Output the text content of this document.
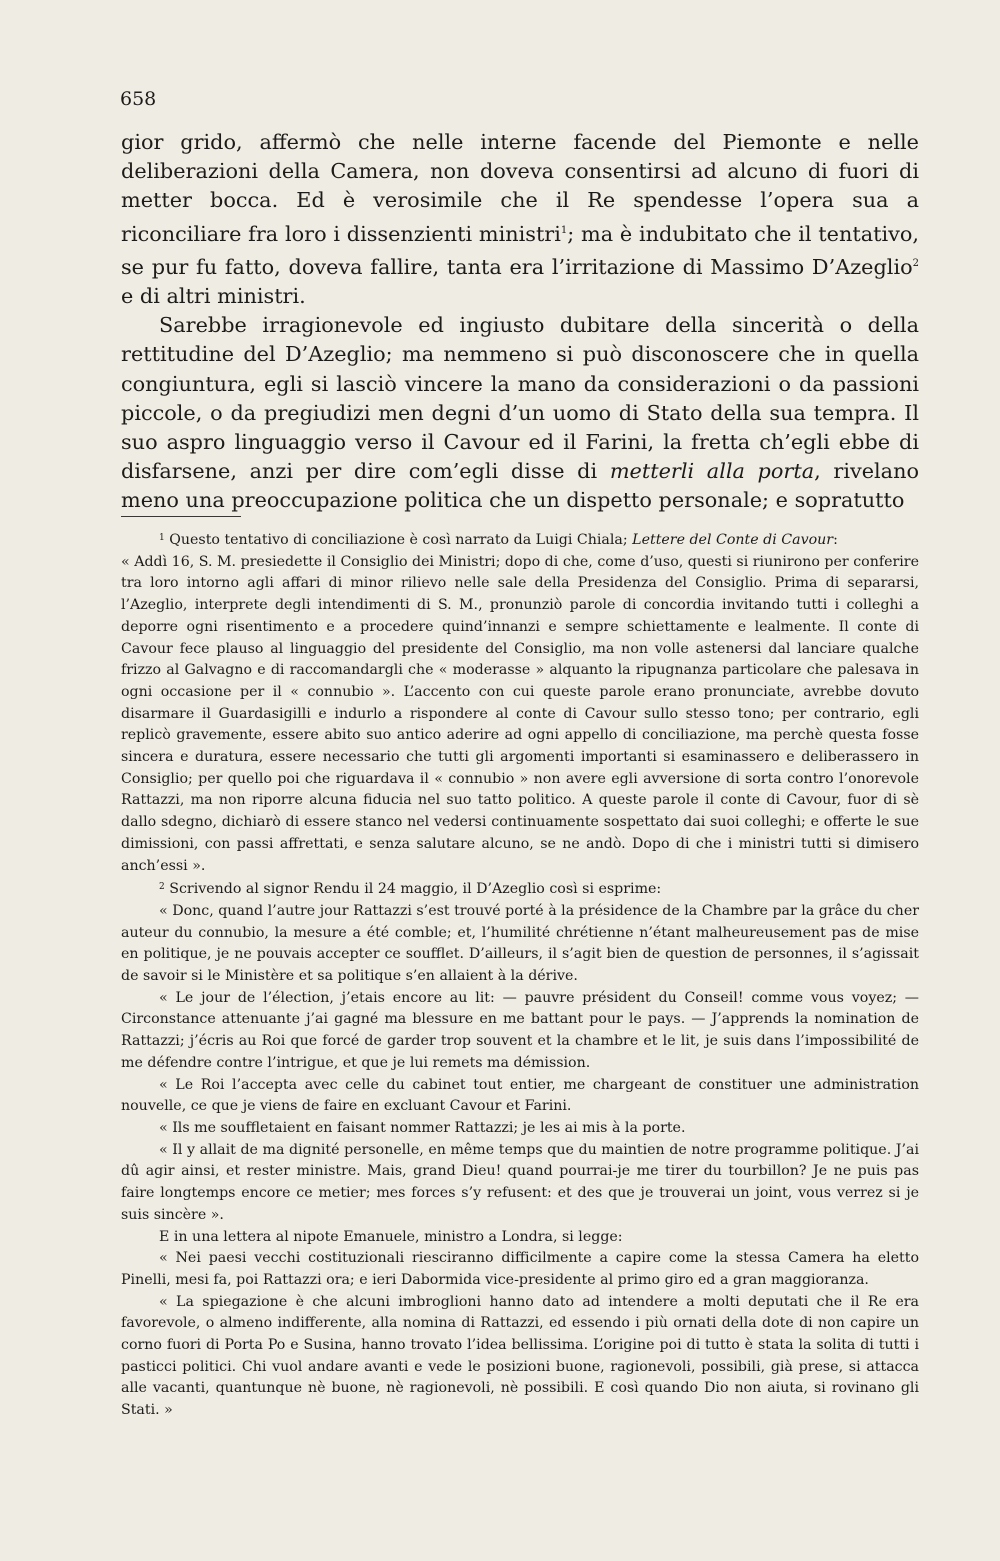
658

gior grido, affermò che nelle interne facende del Piemonte e nelle deliberazioni della Camera, non doveva consentirsi ad alcuno di fuori di metter bocca. Ed è verosimile che il Re spendesse l’opera sua a riconciliare fra loro i dissenzienti ministri$^1$; ma è indubitato che il tentativo, se pur fu fatto, doveva fallire, tanta era l’irritazione di Massimo D’Azeglio$^2$ e di altri ministri.

Sarebbe irragionevole ed ingiusto dubitare della sincerità o della rettitudine del D’Azeglio; ma nemmeno si può disconoscere che in quella congiuntura, egli si lasciò vincere la mano da considerazioni o da passioni piccole, o da pregiudizi men degni d’un uomo di Stato della sua tempra. Il suo aspro linguaggio verso il Cavour ed il Farini, la fretta ch’egli ebbe di disfarsene, anzi per dire com’egli disse di metterli alla porta, rivelano meno una preoccupazione politica che un dispetto personale; e sopratutto

$^1$ Questo tentativo di conciliazione è così narrato da Luigi Chiala; Lettere del Conte di Cavour:

« Addì 16, S. M. presiedette il Consiglio dei Ministri; dopo di che, come d’uso, questi si riunirono per conferire tra loro intorno agli affari di minor rilievo nelle sale della Presidenza del Consiglio. Prima di separarsi, l’Azeglio, interprete degli intendimenti di S. M., pronunziò parole di concordia invitando tutti i colleghi a deporre ogni risentimento e a procedere quind’innanzi e sempre schiettamente e lealmente. Il conte di Cavour fece plauso al linguaggio del presidente del Consiglio, ma non volle astenersi dal lanciare qualche frizzo al Galvagno e di raccomandargli che « moderasse » alquanto la ripugnanza particolare che palesava in ogni occasione per il « connubio ». L’accento con cui queste parole erano pronunciate, avrebbe dovuto disarmare il Guardasigilli e indurlo a rispondere al conte di Cavour sullo stesso tono; per contrario, egli replicò gravemente, essere abito suo antico aderire ad ogni appello di conciliazione, ma perchè questa fosse sincera e duratura, essere necessario che tutti gli argomenti importanti si esaminassero e deliberassero in Consiglio; per quello poi che riguardava il « connubio » non avere egli avversione di sorta contro l’onorevole Rattazzi, ma non riporre alcuna fiducia nel suo tatto politico. A queste parole il conte di Cavour, fuor di sè dallo sdegno, dichiarò di essere stanco nel vedersi continuamente sospettato dai suoi colleghi; e offerte le sue dimissioni, con passi affrettati, e senza salutare alcuno, se ne andò. Dopo di che i ministri tutti si dimisero anch’essi ».

$^2$ Scrivendo al signor Rendu il 24 maggio, il D’Azeglio così si esprime:

« Donc, quand l’autre jour Rattazzi s’est trouvé porté à la présidence de la Chambre par la grâce du cher auteur du connubio, la mesure a été comble; et, l’humilité chrétienne n’étant malheureusement pas de mise en politique, je ne pouvais accepter ce soufflet. D’ailleurs, il s’agit bien de question de personnes, il s’agissait de savoir si le Ministère et sa politique s’en allaient à la dérive.

« Le jour de l’élection, j’etais encore au lit: — pauvre président du Conseil! comme vous voyez; — Circonstance attenuante j’ai gagné ma blessure en me battant pour le pays. — J’apprends la nomination de Rattazzi; j’écris au Roi que forcé de garder trop souvent et la chambre et le lit, je suis dans l’impossibilité de me défendre contre l’intrigue, et que je lui remets ma démission.

« Le Roi l’accepta avec celle du cabinet tout entier, me chargeant de constituer une administration nouvelle, ce que je viens de faire en excluant Cavour et Farini.

« Ils me souffletaient en faisant nommer Rattazzi; je les ai mis à la porte.

« Il y allait de ma dignité personelle, en même temps que du maintien de notre programme politique. J’ai dû agir ainsi, et rester ministre. Mais, grand Dieu! quand pourrai-je me tirer du tourbillon? Je ne puis pas faire longtemps encore ce metier; mes forces s’y refusent: et des que je trouverai un joint, vous verrez si je suis sincère ».

E in una lettera al nipote Emanuele, ministro a Londra, si legge:

« Nei paesi vecchi costituzionali riesciranno difficilmente a capire come la stessa Camera ha eletto Pinelli, mesi fa, poi Rattazzi ora; e ieri Dabormida vice-presidente al primo giro ed a gran maggioranza.

« La spiegazione è che alcuni imbroglioni hanno dato ad intendere a molti deputati che il Re era favorevole, o almeno indifferente, alla nomina di Rattazzi, ed essendo i più ornati della dote di non capire un corno fuori di Porta Po e Susina, hanno trovato l’idea bellissima. L’origine poi di tutto è stata la solita di tutti i pasticci politici. Chi vuol andare avanti e vede le posizioni buone, ragionevoli, possibili, già prese, si attacca alle vacanti, quantunque nè buone, nè ragionevoli, nè possibili. E così quando Dio non aiuta, si rovinano gli Stati. »
